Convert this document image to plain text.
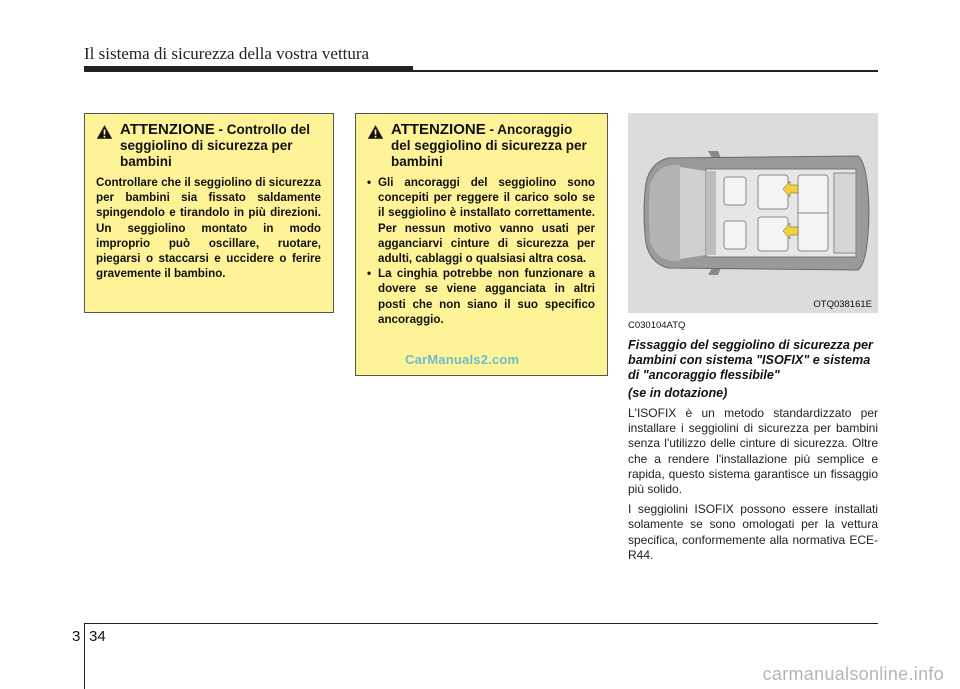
Il sistema di sicurezza della vostra vettura
ATTENZIONE - Controllo del seggiolino di sicurezza per bambini
Controllare che il seggiolino di sicurezza per bambini sia fissato saldamente spingendolo e tirandolo in più direzioni. Un seggiolino montato in modo improprio può oscillare, ruotare, piegarsi o staccarsi e uccidere o ferire gravemente il bambino.
ATTENZIONE - Ancoraggio del seggiolino di sicurezza per bambini
• Gli ancoraggi del seggiolino sono concepiti per reggere il carico solo se il seggiolino è installato correttamente. Per nessun motivo vanno usati per agganciarvi cinture di sicurezza per adulti, cablaggi o qualsiasi altra cosa.
• La cinghia potrebbe non funzionare a dovere se viene agganciata in altri posti che non siano il suo specifico ancoraggio.
CarManuals2.com
OTQ038161E
C030104ATQ
Fissaggio del seggiolino di sicurezza per bambini con sistema "ISOFIX" e sistema di "ancoraggio flessibile"
(se in dotazione)
L'ISOFIX è un metodo standardizzato per installare i seggiolini di sicurezza per bambini senza l'utilizzo delle cinture di sicurezza. Oltre che a rendere l'installazione più semplice e rapida, questo sistema garantisce un fissaggio più solido.
I seggiolini ISOFIX possono essere installati solamente se sono omologati per la vettura specifica, conformemente alla normativa ECE-R44.
3 34
carmanualsonline.info
